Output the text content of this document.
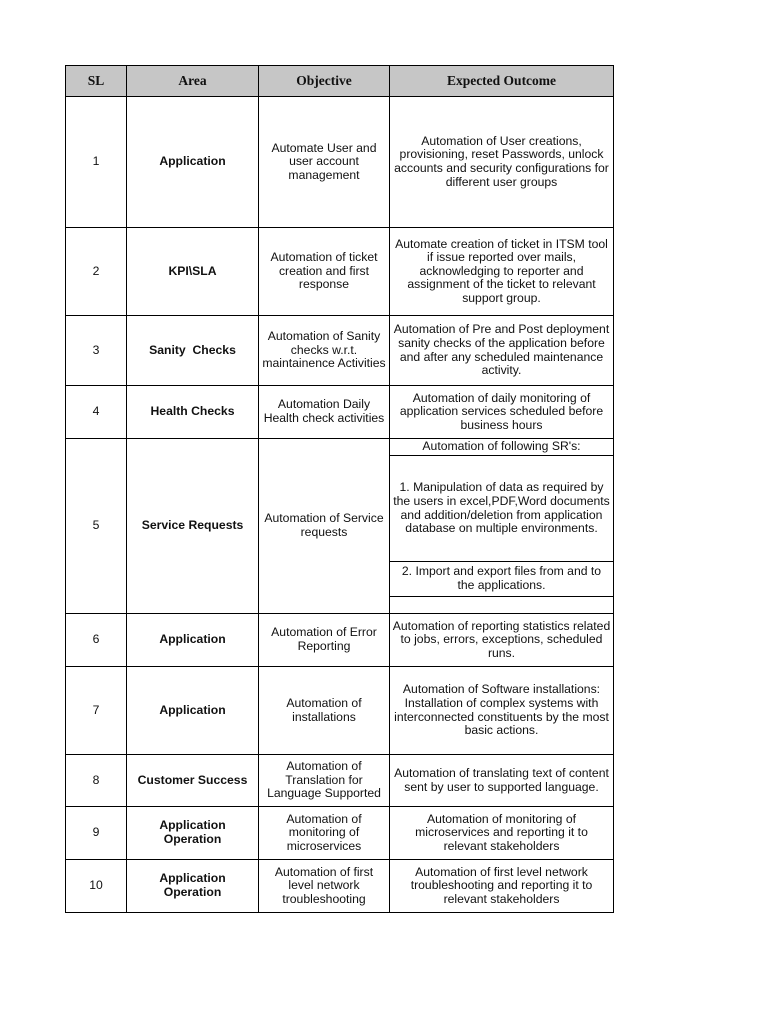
SL	Area	Objective	Expected Outcome
1	Application	Automate User and user account management	Automation of User creations, provisioning, reset Passwords, unlock accounts and security configurations for different user groups
2	KPI\SLA	Automation of ticket creation and first response	Automate creation of ticket in ITSM tool if issue reported over mails, acknowledging to reporter and assignment of the ticket to relevant support group.
3	Sanity  Checks	Automation of Sanity checks w.r.t. maintainence Activities	Automation of Pre and Post deployment sanity checks of the application before and after any scheduled maintenance activity.
4	Health Checks	Automation Daily Health check activities	Automation of daily monitoring of application services scheduled before business hours
5	Service Requests	Automation of Service requests	Automation of following SR's:
			1. Manipulation of data as required by the users in excel,PDF,Word documents and addition/deletion from application database on multiple environments.
			2. Import and export files from and to the applications.

6	Application	Automation of Error Reporting	Automation of reporting statistics related to jobs, errors, exceptions, scheduled runs.
7	Application	Automation of installations	Automation of Software installations: Installation of complex systems with interconnected constituents by the most basic actions.
8	Customer Success	Automation of Translation for Language Supported	Automation of translating text of content sent by user to supported language.
9	Application Operation	Automation of monitoring of microservices	Automation of monitoring of microservices and reporting it to relevant stakeholders
10	Application Operation	Automation of first level network troubleshooting	Automation of first level network troubleshooting and reporting it to relevant stakeholders
